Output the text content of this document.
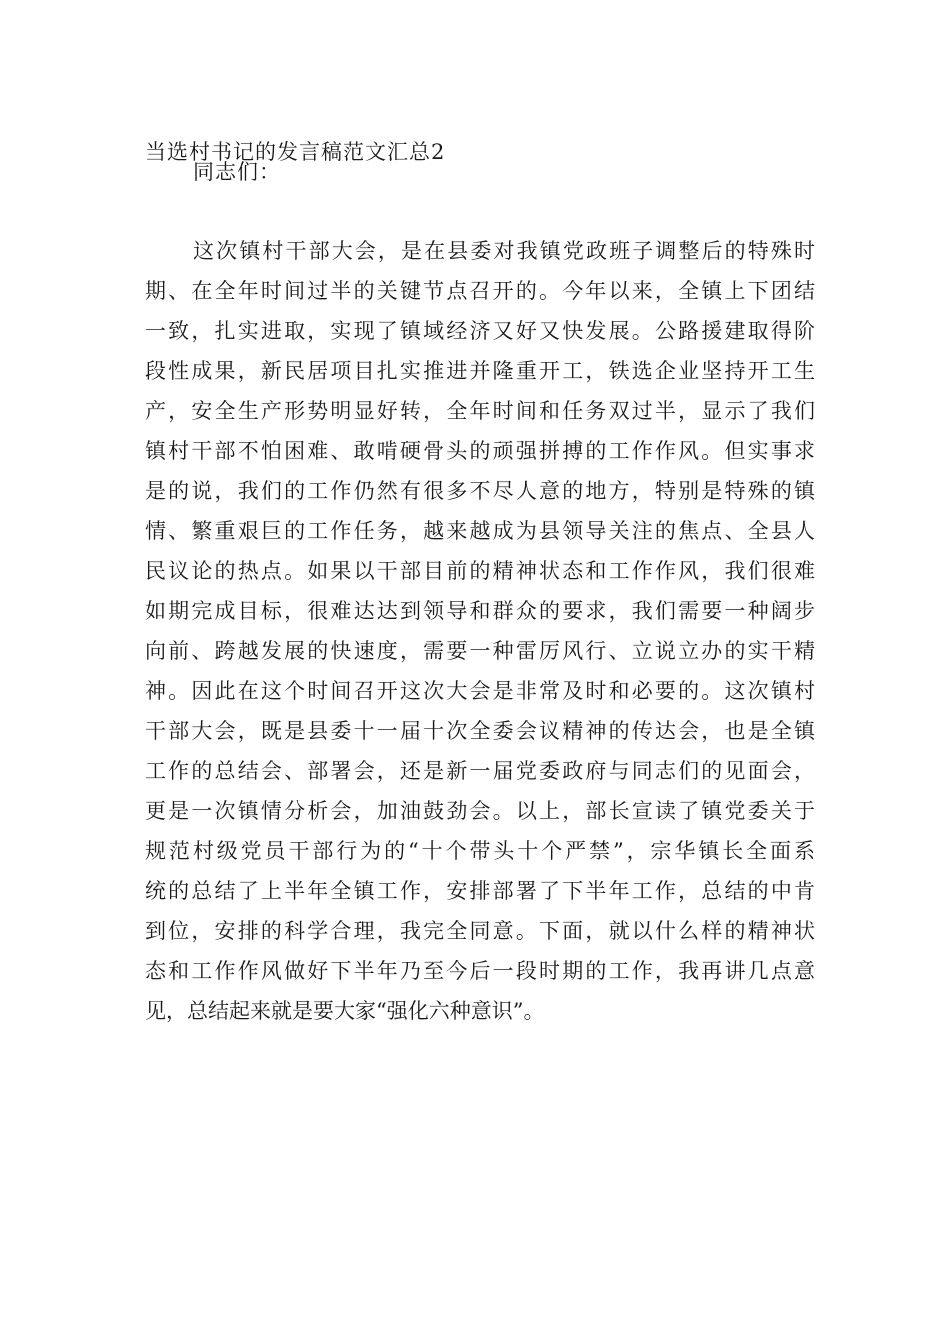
当选村书记的发言稿范文汇总2

同志们：

这次镇村干部大会，是在县委对我镇党政班子调整后的特殊时
期、在全年时间过半的关键节点召开的。今年以来，全镇上下团结
一致，扎实进取，实现了镇域经济又好又快发展。公路援建取得阶
段性成果，新民居项目扎实推进并隆重开工，铁选企业坚持开工生
产，安全生产形势明显好转，全年时间和任务双过半，显示了我们
镇村干部不怕困难、敢啃硬骨头的顽强拼搏的工作作风。但实事求
是的说，我们的工作仍然有很多不尽人意的地方，特别是特殊的镇
情、繁重艰巨的工作任务，越来越成为县领导关注的焦点、全县人
民议论的热点。如果以干部目前的精神状态和工作作风，我们很难
如期完成目标，很难达达到领导和群众的要求，我们需要一种阔步
向前、跨越发展的快速度，需要一种雷厉风行、立说立办的实干精
神。因此在这个时间召开这次大会是非常及时和必要的。这次镇村
干部大会，既是县委十一届十次全委会议精神的传达会，也是全镇
工作的总结会、部署会，还是新一届党委政府与同志们的见面会，
更是一次镇情分析会，加油鼓劲会。以上，部长宣读了镇党委关于
规范村级党员干部行为的“十个带头十个严禁”，宗华镇长全面系
统的总结了上半年全镇工作，安排部署了下半年工作，总结的中肯
到位，安排的科学合理，我完全同意。下面，就以什么样的精神状
态和工作作风做好下半年乃至今后一段时期的工作，我再讲几点意
见，总结起来就是要大家“强化六种意识”。
